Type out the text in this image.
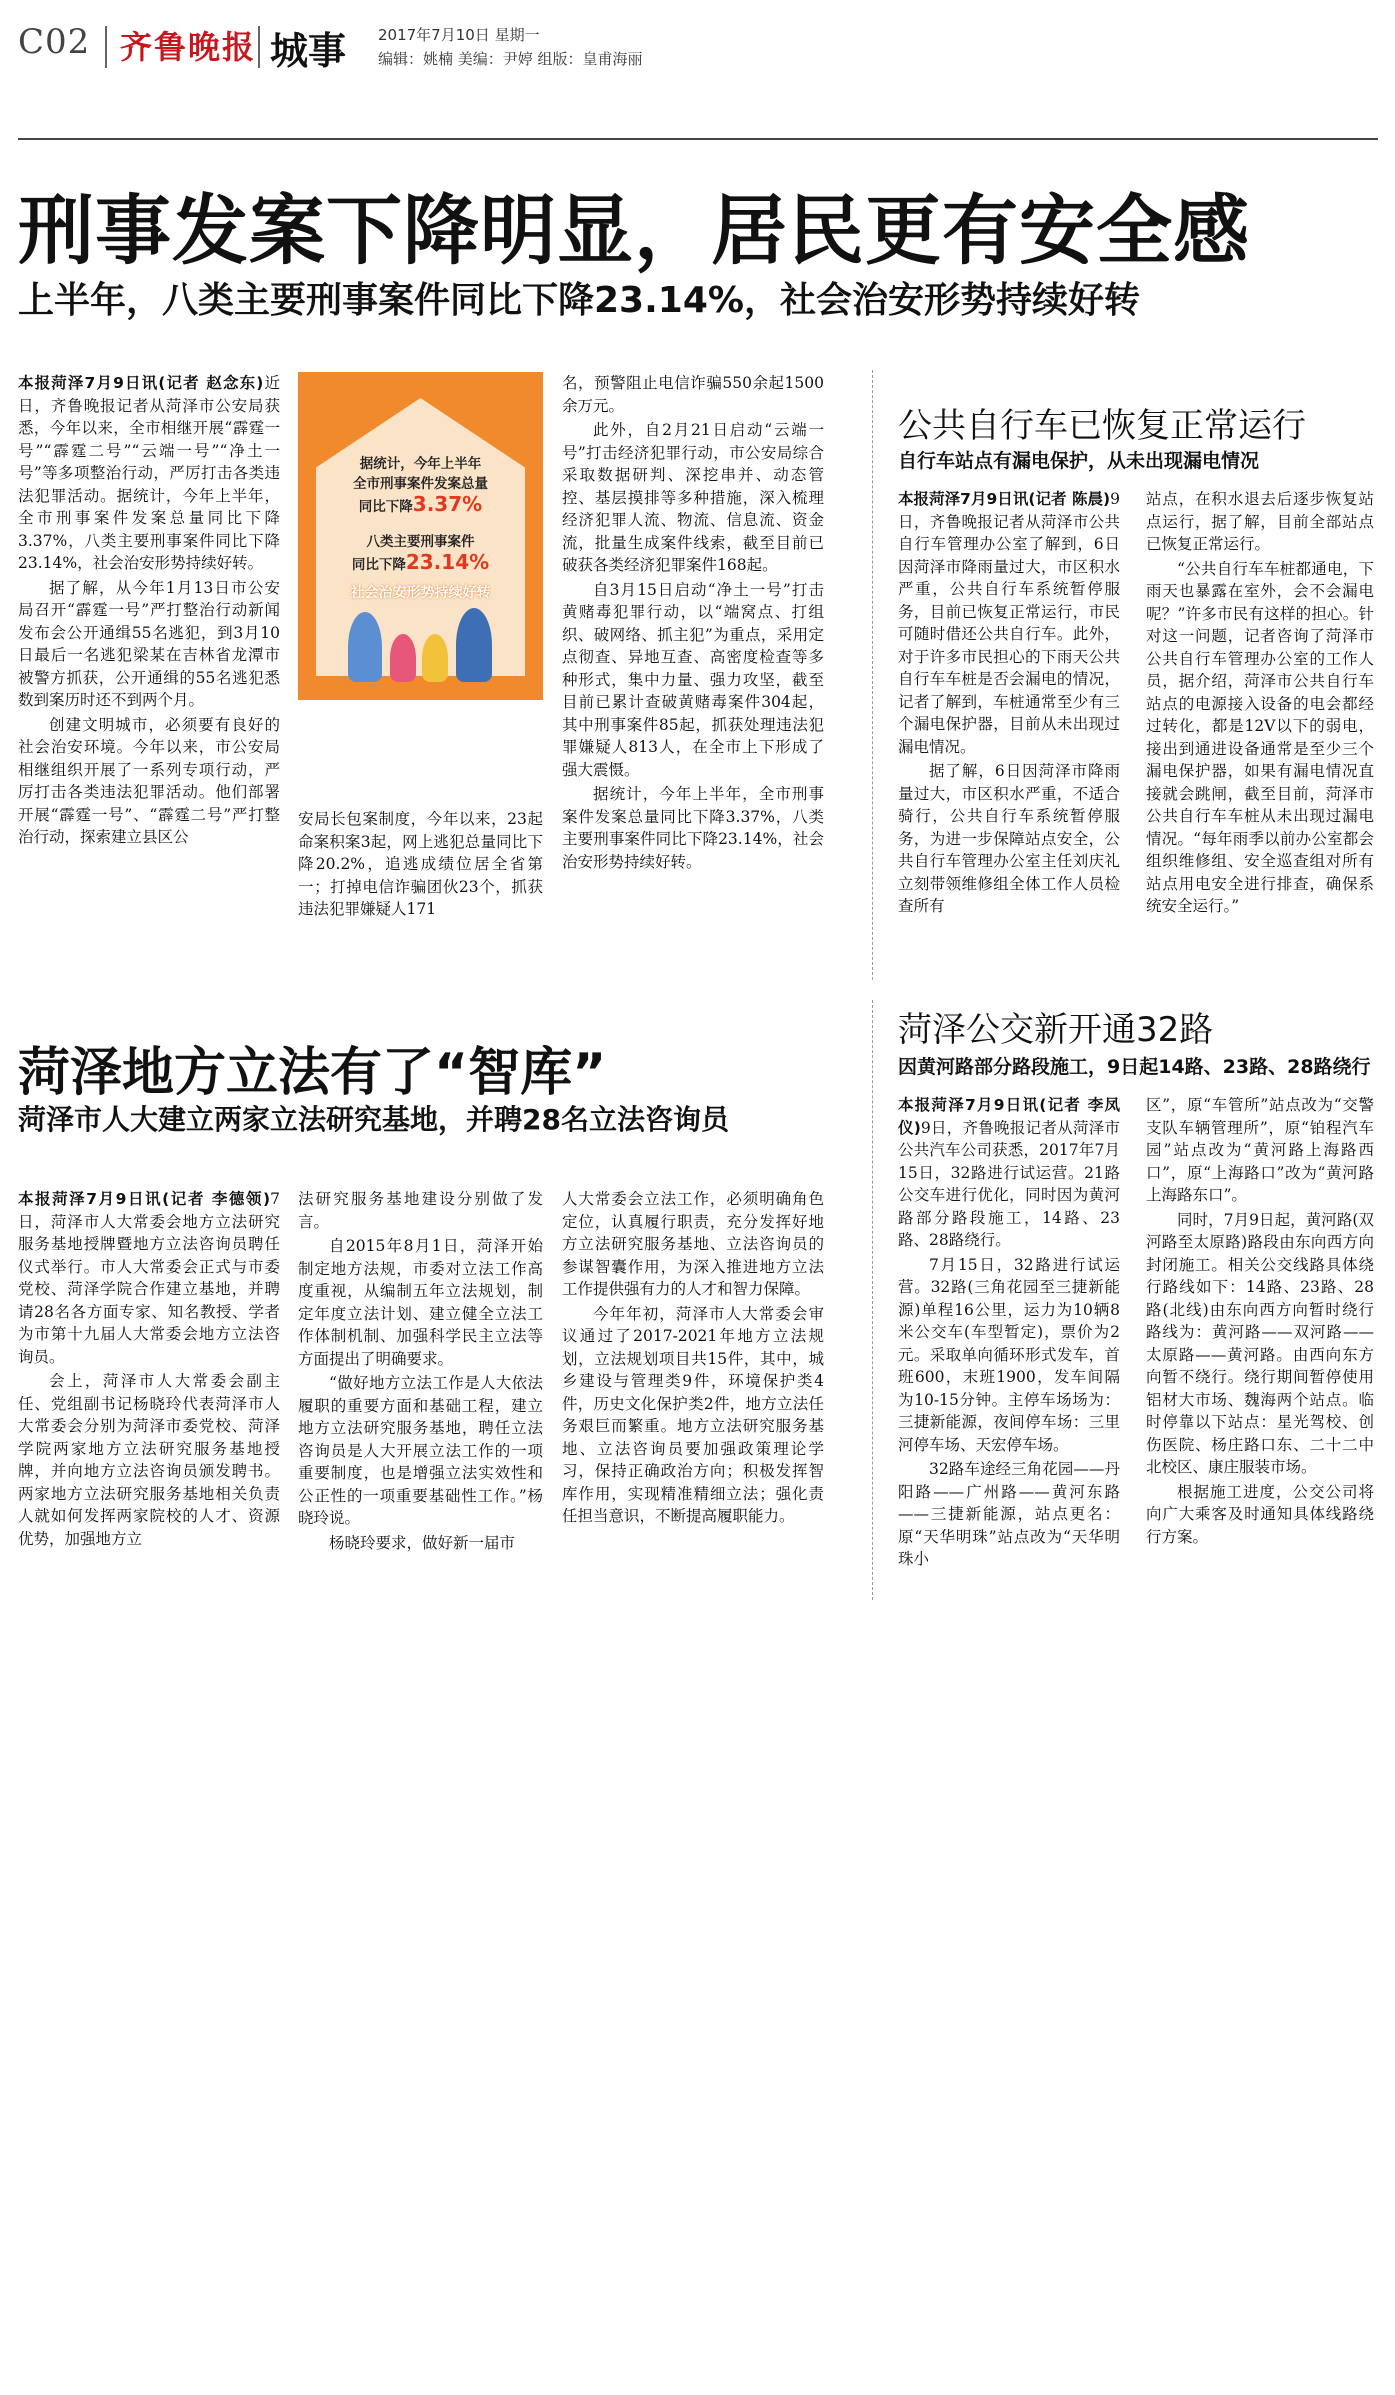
C02 齐鲁晚报 城事 2017年7月10日 星期一
编辑：姚楠 美编：尹婷 组版：皇甫海丽
刑事发案下降明显，居民更有安全感
上半年，八类主要刑事案件同比下降23.14%，社会治安形势持续好转

本报菏泽7月9日讯(记者 赵念东)近日，齐鲁晚报记者从菏泽市公安局获悉，今年以来，全市相继开展“霹霆一号”“霹霆二号”“云端一号”“净土一号”等多项整治行动，严厉打击各类违法犯罪活动。据统计，今年上半年，全市刑事案件发案总量同比下降3.37%，八类主要刑事案件同比下降23.14%，社会治安形势持续好转。

据了解，从今年1月13日市公安局召开“霹霆一号”严打整治行动新闻发布会公开通缉55名逃犯，到3月10日最后一名逃犯梁某在吉林省龙潭市被警方抓获，公开通缉的55名逃犯悉数到案历时还不到两个月。

创建文明城市，必须要有良好的社会治安环境。今年以来，市公安局相继组织开展了一系列专项行动，严厉打击各类违法犯罪活动。他们部署开展“霹霆一号”、“霹霆二号”严打整治行动，探索建立县区公

据统计，今年上半年
全市刑事案件发案总量
同比下降3.37%
八类主要刑事案件
同比下降23.14%
社会治安形势持续好转

安局长包案制度，今年以来，23起命案积案3起，网上逃犯总量同比下降20.2%，追逃成绩位居全省第一；打掉电信诈骗团伙23个，抓获违法犯罪嫌疑人171

名，预警阻止电信诈骗550余起1500余万元。

此外，自2月21日启动“云端一号”打击经济犯罪行动，市公安局综合采取数据研判、深挖串并、动态管控、基层摸排等多种措施，深入梳理经济犯罪人流、物流、信息流、资金流，批量生成案件线索，截至目前已破获各类经济犯罪案件168起。

自3月15日启动“净土一号”打击黄赌毒犯罪行动，以“端窝点、打组织、破网络、抓主犯”为重点，采用定点彻查、异地互查、高密度检查等多种形式，集中力量、强力攻坚，截至目前已累计查破黄赌毒案件304起，其中刑事案件85起，抓获处理违法犯罪嫌疑人813人，在全市上下形成了强大震慑。

据统计，今年上半年，全市刑事案件发案总量同比下降3.37%，八类主要刑事案件同比下降23.14%，社会治安形势持续好转。

公共自行车已恢复正常运行
自行车站点有漏电保护，从未出现漏电情况

本报菏泽7月9日讯(记者 陈晨)9日，齐鲁晚报记者从菏泽市公共自行车管理办公室了解到，6日因菏泽市降雨量过大，市区积水严重，公共自行车系统暂停服务，目前已恢复正常运行，市民可随时借还公共自行车。此外，对于许多市民担心的下雨天公共自行车车桩是否会漏电的情况，记者了解到，车桩通常至少有三个漏电保护器，目前从未出现过漏电情况。

据了解，6日因菏泽市降雨量过大，市区积水严重，不适合骑行，公共自行车系统暂停服务，为进一步保障站点安全，公共自行车管理办公室主任刘庆礼立刻带领维修组全体工作人员检查所有

站点，在积水退去后逐步恢复站点运行，据了解，目前全部站点已恢复正常运行。

“公共自行车车桩都通电，下雨天也暴露在室外，会不会漏电呢？”许多市民有这样的担心。针对这一问题，记者咨询了菏泽市公共自行车管理办公室的工作人员，据介绍，菏泽市公共自行车站点的电源接入设备的电会都经过转化，都是12V以下的弱电，接出到通进设备通常是至少三个漏电保护器，如果有漏电情况直接就会跳闸，截至目前，菏泽市公共自行车车桩从未出现过漏电情况。“每年雨季以前办公室都会组织维修组、安全巡查组对所有站点用电安全进行排查，确保系统安全运行。”

菏泽地方立法有了“智库”
菏泽市人大建立两家立法研究基地，并聘28名立法咨询员

本报菏泽7月9日讯(记者 李德领)7日，菏泽市人大常委会地方立法研究服务基地授牌暨地方立法咨询员聘任仪式举行。市人大常委会正式与市委党校、菏泽学院合作建立基地，并聘请28名各方面专家、知名教授、学者为市第十九届人大常委会地方立法咨询员。

会上，菏泽市人大常委会副主任、党组副书记杨晓玲代表菏泽市人大常委会分别为菏泽市委党校、菏泽学院两家地方立法研究服务基地授牌，并向地方立法咨询员颁发聘书。两家地方立法研究服务基地相关负责人就如何发挥两家院校的人才、资源优势，加强地方立

法研究服务基地建设分别做了发言。

自2015年8月1日，菏泽开始制定地方法规，市委对立法工作高度重视，从编制五年立法规划，制定年度立法计划、建立健全立法工作体制机制、加强科学民主立法等方面提出了明确要求。

“做好地方立法工作是人大依法履职的重要方面和基础工程，建立地方立法研究服务基地，聘任立法咨询员是人大开展立法工作的一项重要制度，也是增强立法实效性和公正性的一项重要基础性工作。”杨晓玲说。

杨晓玲要求，做好新一届市

人大常委会立法工作，必须明确角色定位，认真履行职责，充分发挥好地方立法研究服务基地、立法咨询员的参谋智囊作用，为深入推进地方立法工作提供强有力的人才和智力保障。

今年年初，菏泽市人大常委会审议通过了2017-2021年地方立法规划，立法规划项目共15件，其中，城乡建设与管理类9件，环境保护类4件，历史文化保护类2件，地方立法任务艰巨而繁重。地方立法研究服务基地、立法咨询员要加强政策理论学习，保持正确政治方向；积极发挥智库作用，实现精准精细立法；强化责任担当意识，不断提高履职能力。

菏泽公交新开通32路
因黄河路部分路段施工，9日起14路、23路、28路绕行

本报菏泽7月9日讯(记者 李凤仪)9日，齐鲁晚报记者从菏泽市公共汽车公司获悉，2017年7月15日，32路进行试运营。21路公交车进行优化，同时因为黄河路部分路段施工，14路、23路、28路绕行。

7月15日，32路进行试运营。32路(三角花园至三捷新能源)单程16公里，运力为10辆8米公交车(车型暂定)，票价为2元。采取单向循环形式发车，首班600，末班1900，发车间隔为10-15分钟。主停车场场为：三捷新能源，夜间停车场：三里河停车场、天宏停车场。

32路车途经三角花园——丹阳路——广州路——黄河东路——三捷新能源，站点更名：原“天华明珠”站点改为“天华明珠小

区”，原“车管所”站点改为“交警支队车辆管理所”，原“铂程汽车园”站点改为“黄河路上海路西口”，原“上海路口”改为“黄河路上海路东口”。

同时，7月9日起，黄河路(双河路至太原路)路段由东向西方向封闭施工。相关公交线路具体绕行路线如下：14路、23路、28路(北线)由东向西方向暂时绕行路线为：黄河路——双河路——太原路——黄河路。由西向东方向暂不绕行。绕行期间暂停使用铝材大市场、魏海两个站点。临时停靠以下站点：星光驾校、创伤医院、杨庄路口东、二十二中北校区、康庄服装市场。

根据施工进度，公交公司将向广大乘客及时通知具体线路绕行方案。
